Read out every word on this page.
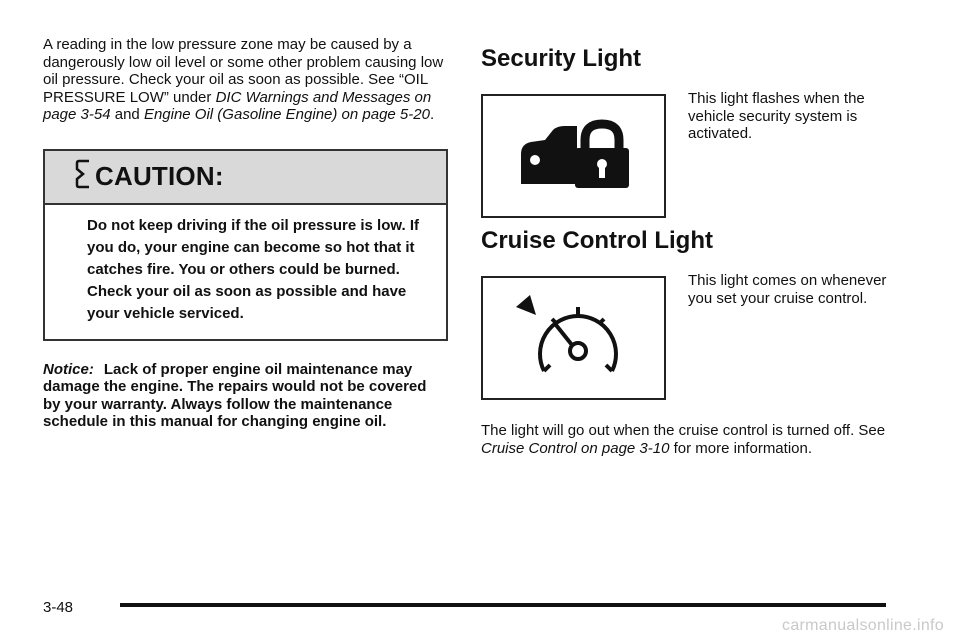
A reading in the low pressure zone may be caused by a dangerously low oil level or some other problem causing low oil pressure. Check your oil as soon as possible. See “OIL PRESSURE LOW” under DIC Warnings and Messages on page 3-54 and Engine Oil (Gasoline Engine) on page 5-20.

CAUTION:
Do not keep driving if the oil pressure is low. If you do, your engine can become so hot that it catches fire. You or others could be burned. Check your oil as soon as possible and have your vehicle serviced.

Notice: Lack of proper engine oil maintenance may damage the engine. The repairs would not be covered by your warranty. Always follow the maintenance schedule in this manual for changing engine oil.

Security Light
This light flashes when the vehicle security system is activated.
Cruise Control Light
This light comes on whenever you set your cruise control.

The light will go out when the cruise control is turned off. See Cruise Control on page 3-10 for more information.

3-48
carmanualsonline.info
